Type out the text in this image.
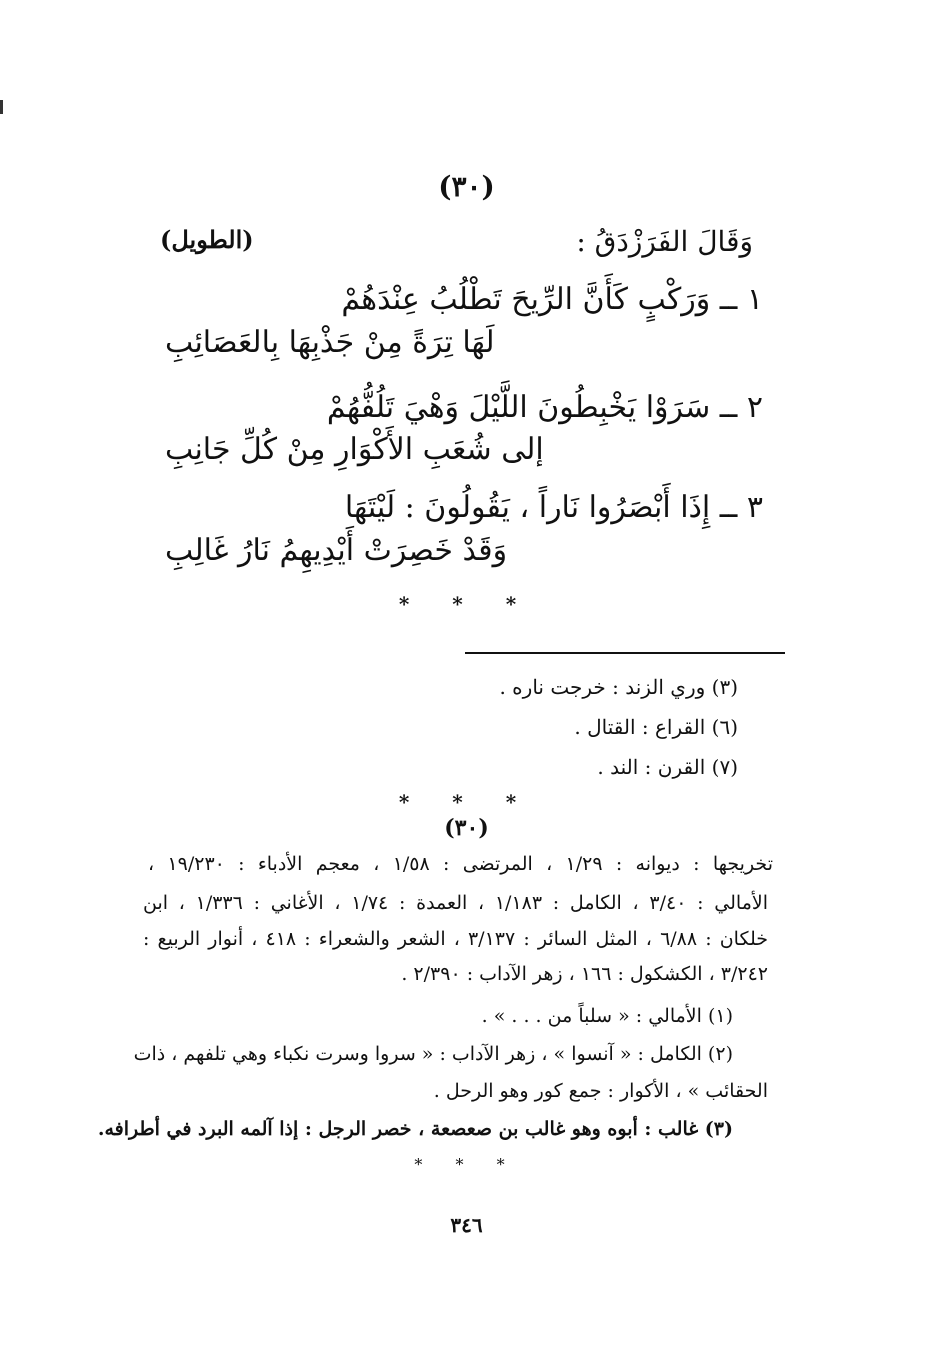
(٣٠)
وَقَالَ الفَرَزْدَقُ :
(الطويل)
١ ــ وَرَكْبٍ كَأَنَّ الرِّيحَ تَطْلُبُ عِنْدَهُمْ
لَهَا تِرَةً مِنْ جَذْبِهَا بِالعَصَائِبِ
٢ ــ سَرَوْا يَخْبِطُونَ اللَّيْلَ وَهْيَ تَلُفُّهُمْ
إلى شُعَبِ الأَكْوَارِ مِنْ كُلِّ جَانِبِ
٣ ــ إِذَا أَبْصَرُوا نَاراً ، يَقُولُونَ : لَيْتَهَا
وَقَدْ خَصِرَتْ أَيْدِيهِمُ نَارُ غَالِبِ
* * *
(٣) وري الزند : خرجت ناره .
(٦) القراع : القتال .
(٧) القرن : الند .
* * *
(٣٠)
تخريجها : ديوانه : ١/٢٩ ، المرتضى : ١/٥٨ ، معجم الأدباء : ١٩/٢٣٠ ،
الأمالي : ٣/٤٠ ، الكامل : ١/١٨٣ ، العمدة : ١/٧٤ ، الأغاني : ١/٣٣٦ ، ابن
خلكان : ٦/٨٨ ، المثل السائر : ٣/١٣٧ ، الشعر والشعراء : ٤١٨ ، أنوار الربيع :
٣/٢٤٢ ، الكشكول : ١٦٦ ، زهر الآداب : ٢/٣٩٠ .
(١) الأمالي : « سلباً من . . . » .
(٢) الكامل : « آنسوا » ، زهر الآداب : « سروا وسرت نكباء وهي تلفهم ، ذات
الحقائب » ، الأكوار : جمع كور وهو الرحل .
(٣) غالب : أبوه وهو غالب بن صعصعة ، خصر الرجل : إذا آلمه البرد في أطرافه.
* * *
٣٤٦
